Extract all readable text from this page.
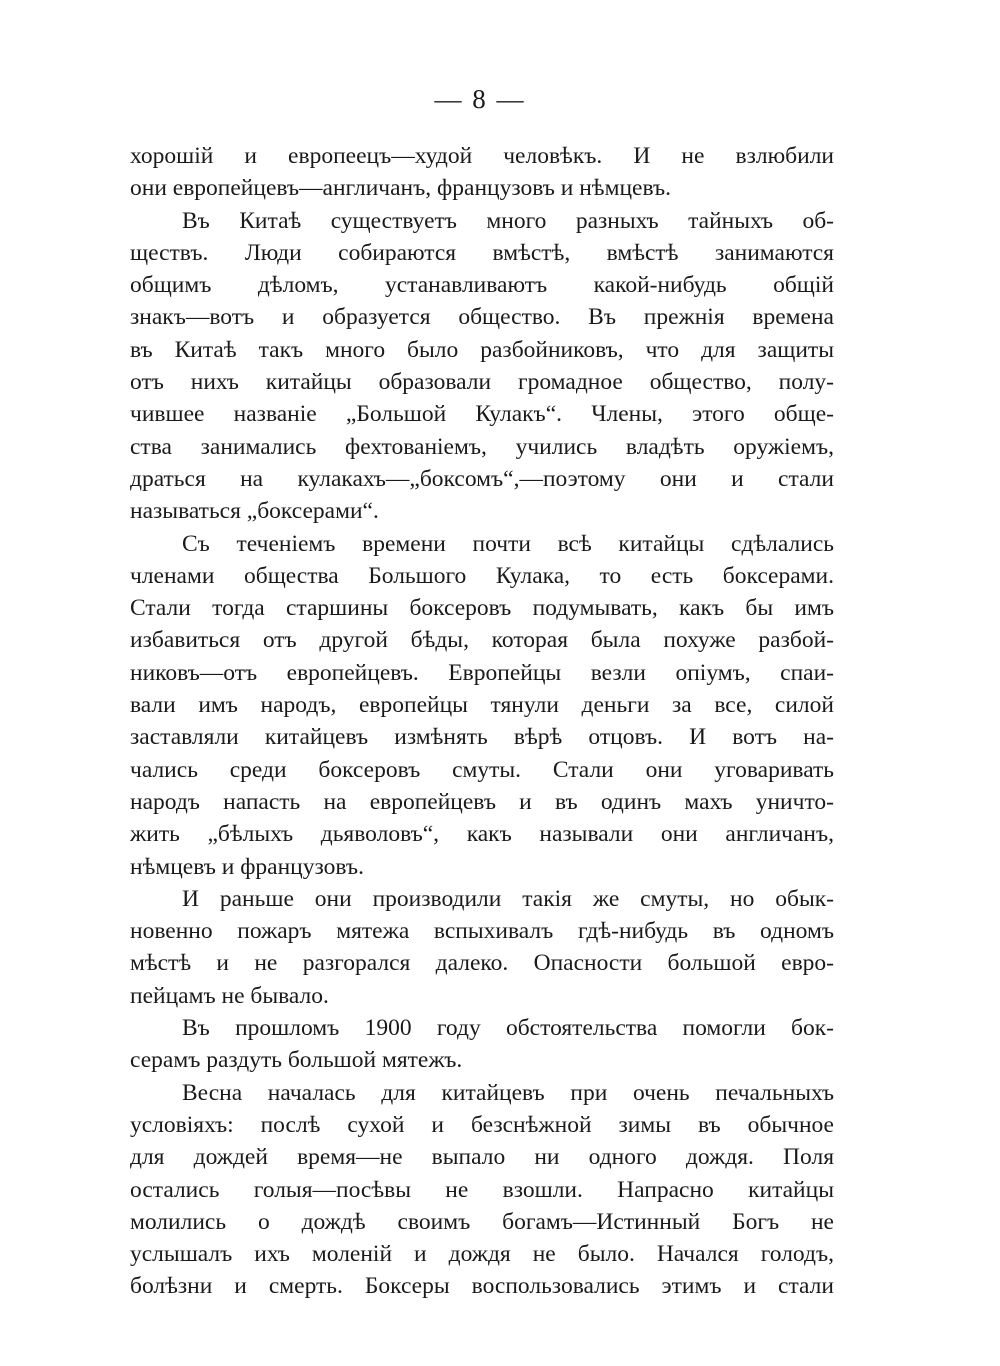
— 8 —
хорошій и европеецъ—худой человѣкъ. И не взлюбили
они европейцевъ—англичанъ, французовъ и нѣмцевъ.
Въ Китаѣ существуетъ много разныхъ тайныхъ об-
ществъ. Люди собираются вмѣстѣ, вмѣстѣ занимаются
общимъ дѣломъ, устанавливаютъ какой-нибудь общій
знакъ—вотъ и образуется общество. Въ прежнія времена
въ Китаѣ такъ много было разбойниковъ, что для защиты
отъ нихъ китайцы образовали громадное общество, полу-
чившее названіе „Большой Кулакъ“. Члены, этого обще-
ства занимались фехтованіемъ, учились владѣть оружіемъ,
драться на кулакахъ—„боксомъ“,—поэтому они и стали
называться „боксерами“.
Съ теченіемъ времени почти всѣ китайцы сдѣлались
членами общества Большого Кулака, то есть боксерами.
Стали тогда старшины боксеровъ подумывать, какъ бы имъ
избавиться отъ другой бѣды, которая была похуже разбой-
никовъ—отъ европейцевъ. Европейцы везли опіумъ, спаи-
вали имъ народъ, европейцы тянули деньги за все, силой
заставляли китайцевъ измѣнять вѣрѣ отцовъ. И вотъ на-
чались среди боксеровъ смуты. Стали они уговаривать
народъ напасть на европейцевъ и въ одинъ махъ уничто-
жить „бѣлыхъ дьяволовъ“, какъ называли они англичанъ,
нѣмцевъ и французовъ.
И раньше они производили такія же смуты, но обык-
новенно пожаръ мятежа вспыхивалъ гдѣ-нибудь въ одномъ
мѣстѣ и не разгорался далеко. Опасности большой евро-
пейцамъ не бывало.
Въ прошломъ 1900 году обстоятельства помогли бок-
серамъ раздуть большой мятежъ.
Весна началась для китайцевъ при очень печальныхъ
условіяхъ: послѣ сухой и безснѣжной зимы въ обычное
для дождей время—не выпало ни одного дождя. Поля
остались голыя—посѣвы не взошли. Напрасно китайцы
молились о дождѣ своимъ богамъ—Истинный Богъ не
услышалъ ихъ моленій и дождя не было. Начался голодъ,
болѣзни и смерть. Боксеры воспользовались этимъ и стали
